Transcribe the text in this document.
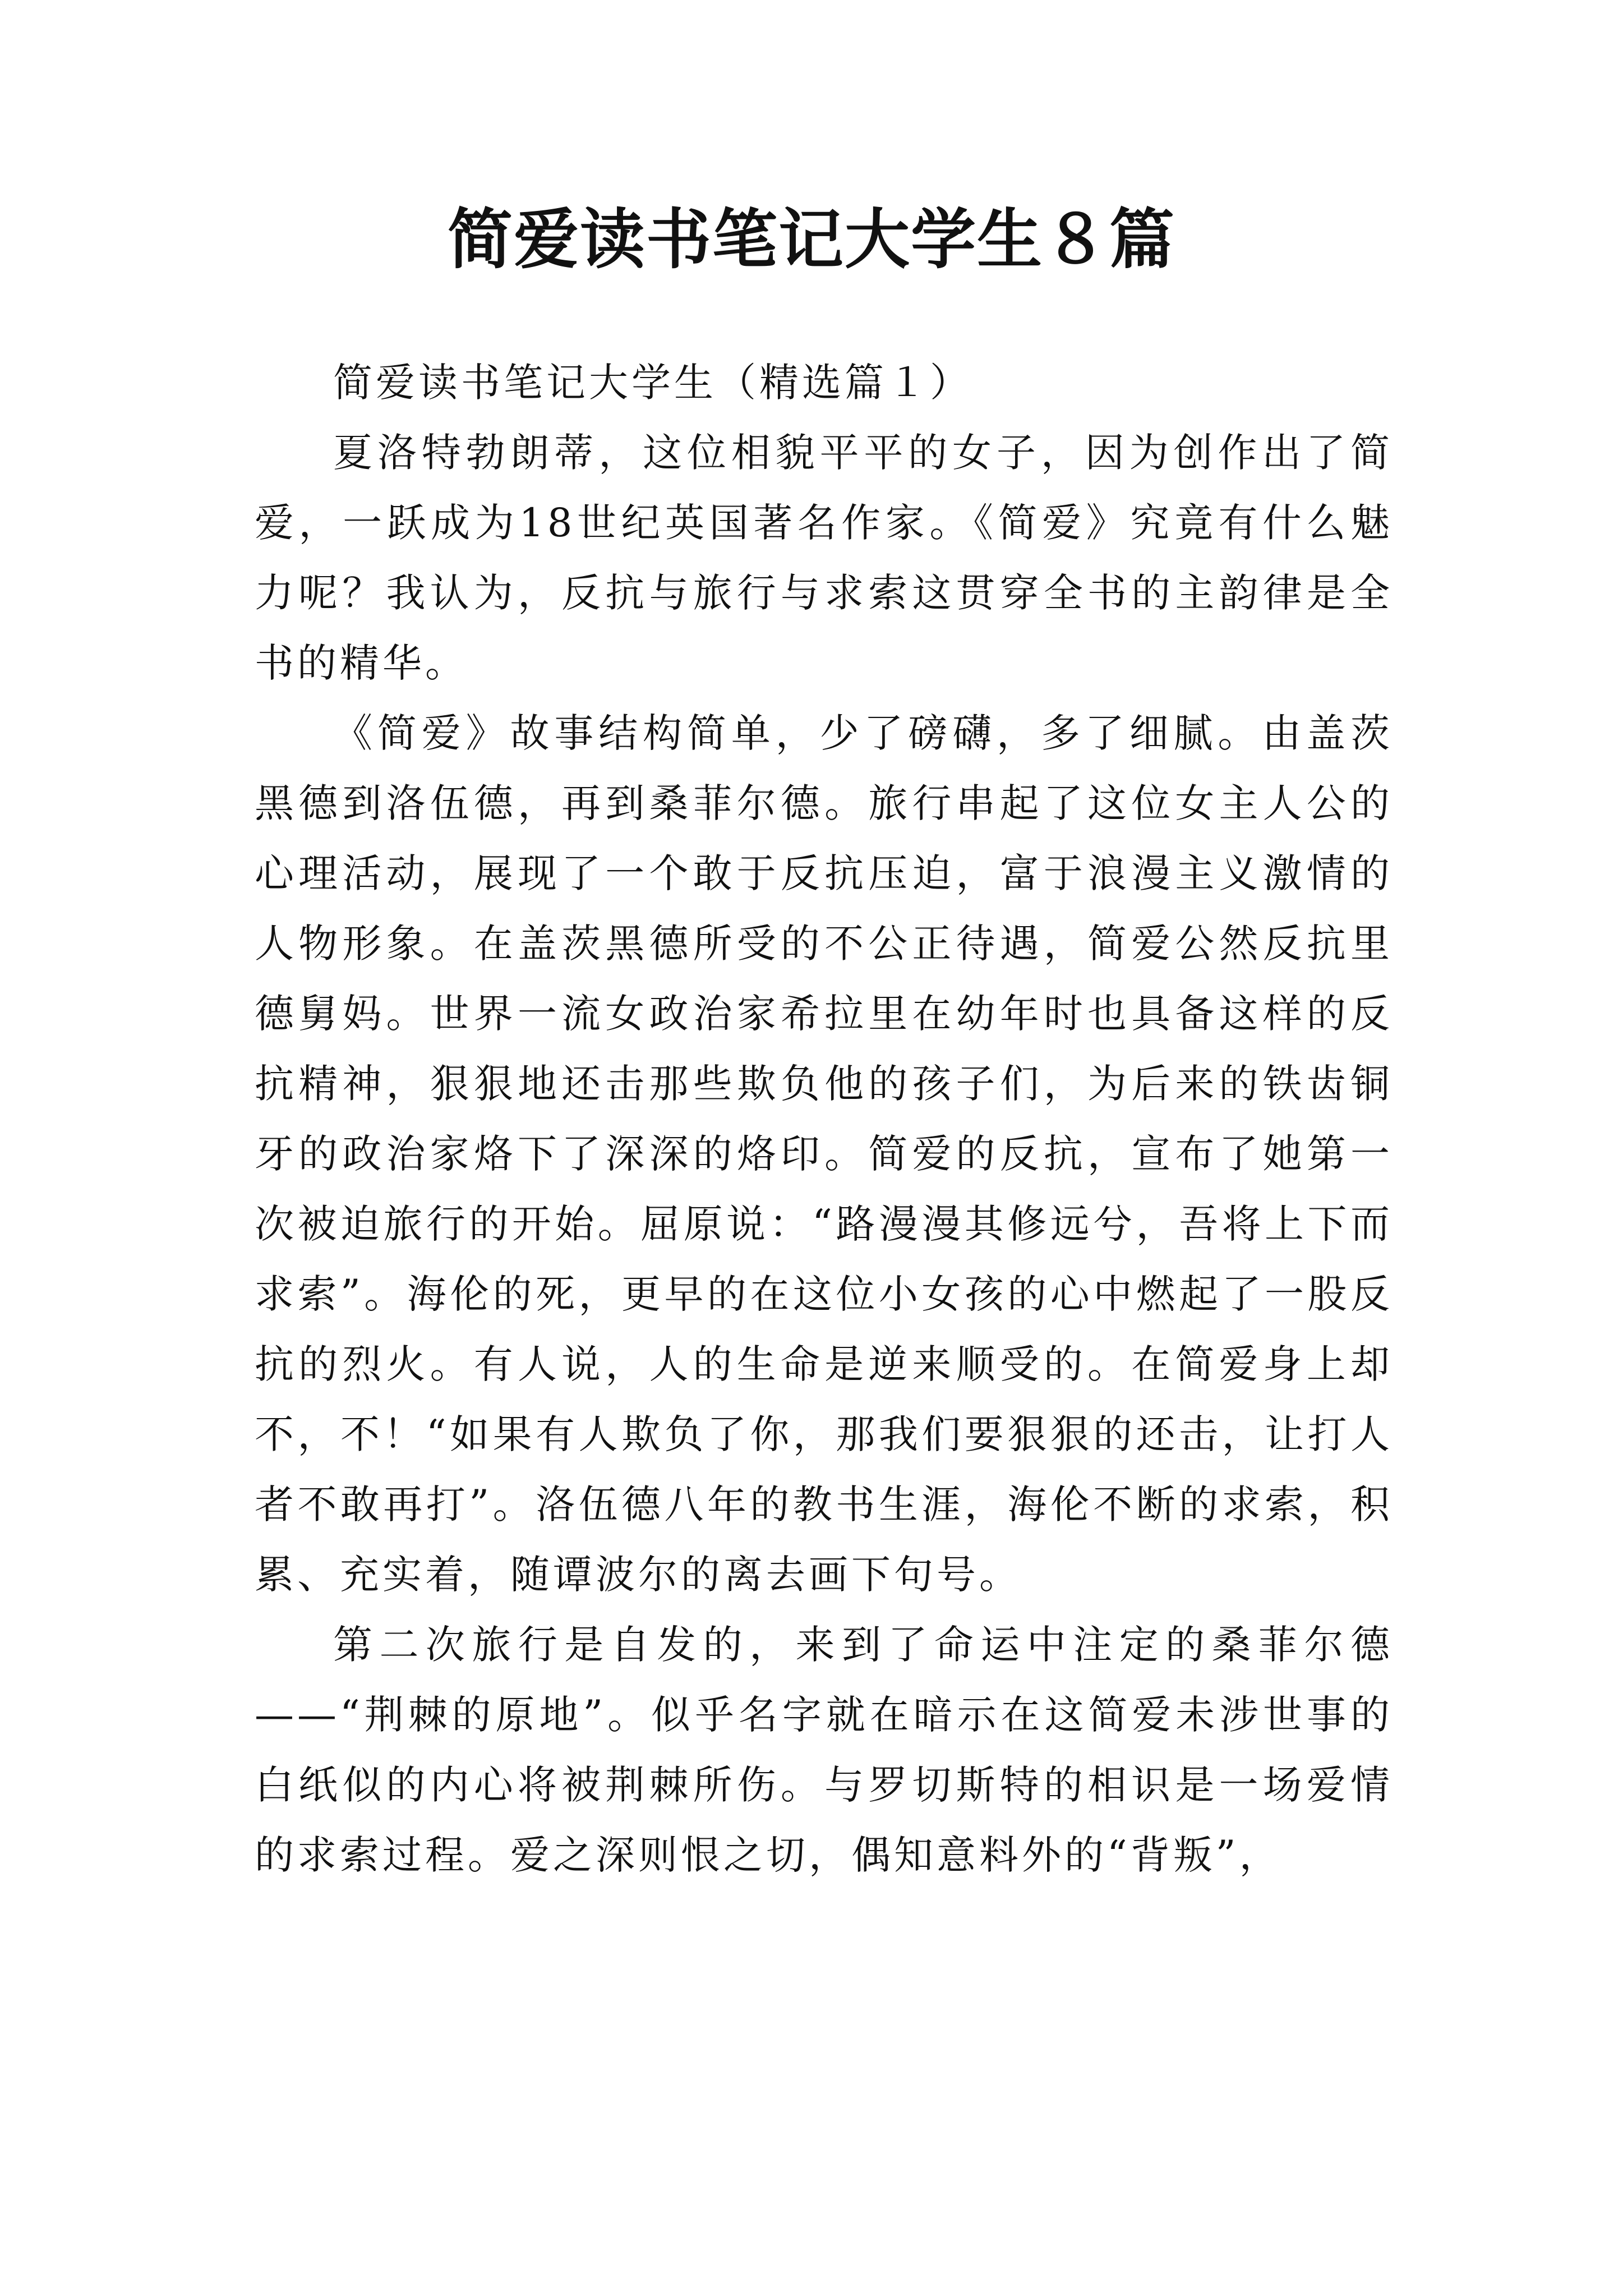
简爱读书笔记大学生８篇

简爱读书笔记大学生（精选篇１）

夏洛特勃朗蒂，这位相貌平平的女子，因为创作出了简爱，一跃成为18世纪英国著名作家。《简爱》究竟有什么魅力呢？我认为，反抗与旅行与求索这贯穿全书的主韵律是全书的精华。

《简爱》故事结构简单，少了磅礴，多了细腻。由盖茨黑德到洛伍德，再到桑菲尔德。旅行串起了这位女主人公的心理活动，展现了一个敢于反抗压迫，富于浪漫主义激情的人物形象。在盖茨黑德所受的不公正待遇，简爱公然反抗里德舅妈。世界一流女政治家希拉里在幼年时也具备这样的反抗精神，狠狠地还击那些欺负他的孩子们，为后来的铁齿铜牙的政治家烙下了深深的烙印。简爱的反抗，宣布了她第一次被迫旅行的开始。屈原说：“路漫漫其修远兮，吾将上下而求索”。海伦的死，更早的在这位小女孩的心中燃起了一股反抗的烈火。有人说，人的生命是逆来顺受的。在简爱身上却不，不！“如果有人欺负了你，那我们要狠狠的还击，让打人者不敢再打”。洛伍德八年的教书生涯，海伦不断的求索，积累、充实着，随谭波尔的离去画下句号。

第二次旅行是自发的，来到了命运中注定的桑菲尔德——“荆棘的原地”。似乎名字就在暗示在这简爱未涉世事的白纸似的内心将被荆棘所伤。与罗切斯特的相识是一场爱情的求索过程。爱之深则恨之切，偶知意料外的“背叛”，
